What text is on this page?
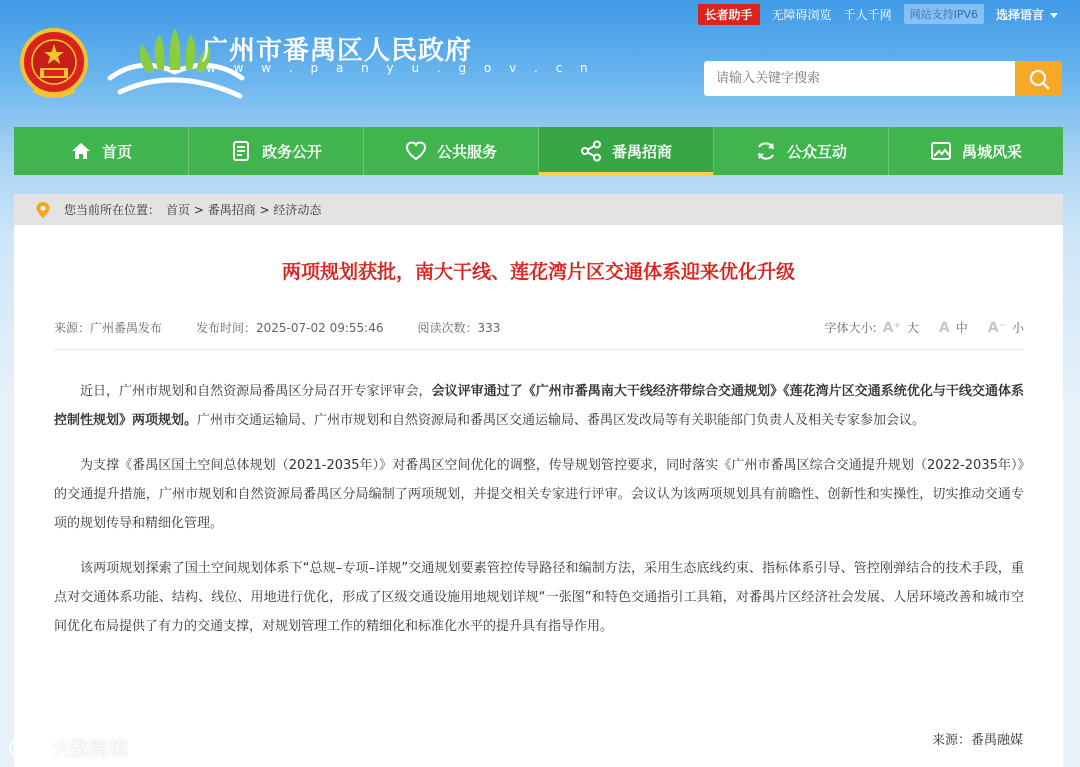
长者助手	无障碍浏览 千人千网	网站支持IPV6	选择语言
广州市番禺区人民政府
w w w . p a n y u . g o v . c n
请输入关键字搜索
首页	政务公开	公共服务	番禺招商	公众互动	禺城风采
您当前所在位置： 首页 > 番禺招商 > 经济动态
两项规划获批，南大干线、莲花湾片区交通体系迎来优化升级
来源：广州番禺发布	发布时间：2025-07-02 09:55:46	阅读次数：333	字体大小: A⁺ 大 A 中 A⁻ 小

近日，广州市规划和自然资源局番禺区分局召开专家评审会，会议评审通过了《广州市番禺南大干线经济带综合交通规划》《莲花湾片区交通系统优化与干线交通体系控制性规划》两项规划。广州市交通运输局、广州市规划和自然资源局和番禺区交通运输局、番禺区发改局等有关职能部门负责人及相关专家参加会议。

为支撑《番禺区国土空间总体规划（2021-2035年）》对番禺区空间优化的调整，传导规划管控要求，同时落实《广州市番禺区综合交通提升规划（2022-2035年）》的交通提升措施，广州市规划和自然资源局番禺区分局编制了两项规划，并提交相关专家进行评审。会议认为该两项规划具有前瞻性、创新性和实操性，切实推动交通专项的规划传导和精细化管理。

该两项规划探索了国土空间规划体系下“总规–专项–详规”交通规划要素管控传导路径和编制方法，采用生态底线约束、指标体系引导、管控刚弹结合的技术手段，重点对交通体系功能、结构、线位、用地进行优化，形成了区级交通设施用地规划详规“一张图”和特色交通指引工具箱，对番禺片区经济社会发展、人居环境改善和城市空间优化布局提供了有力的交通支撑，对规划管理工作的精细化和标准化水平的提升具有指导作用。

来源：番禺融媒
大数跨境
